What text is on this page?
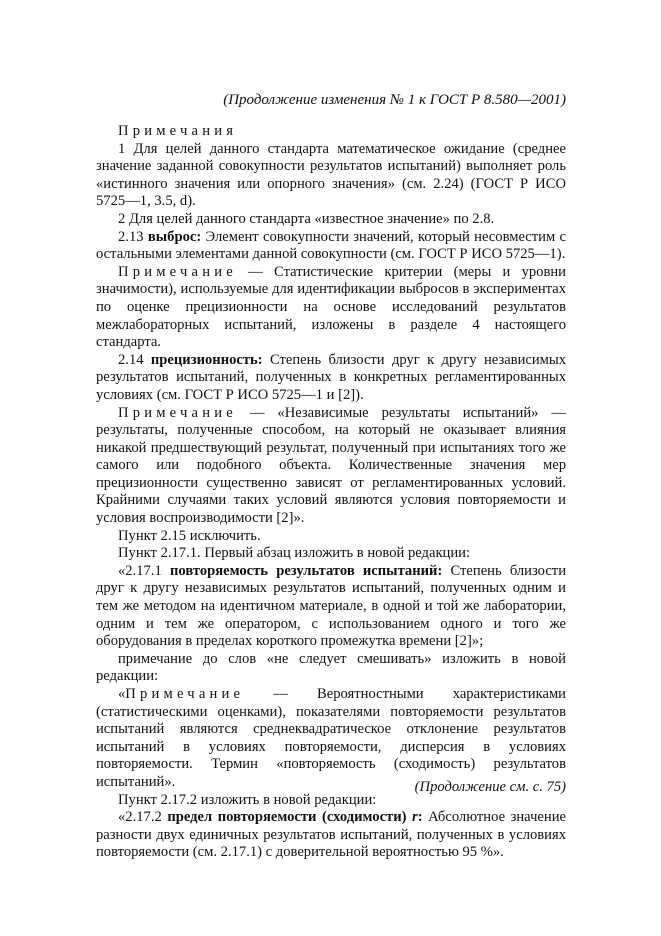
(Продолжение изменения № 1 к ГОСТ Р 8.580—2001)

Примечания

1 Для целей данного стандарта математическое ожидание (среднее значение заданной совокупности результатов испытаний) выполняет роль «истинного значения или опорного значения» (см. 2.24) (ГОСТ Р ИСО 5725—1, 3.5, d).

2 Для целей данного стандарта «известное значение» по 2.8.

2.13 выброс: Элемент совокупности значений, который несовместим с остальными элементами данной совокупности (см. ГОСТ Р ИСО 5725—1).

Примечание — Статистические критерии (меры и уровни значимости), используемые для идентификации выбросов в экспериментах по оценке прецизионности на основе исследований результатов межлабораторных испытаний, изложены в разделе 4 настоящего стандарта.

2.14 прецизионность: Степень близости друг к другу независимых результатов испытаний, полученных в конкретных регламентированных условиях (см. ГОСТ Р ИСО 5725—1 и [2]).

Примечание — «Независимые результаты испытаний» — результаты, полученные способом, на который не оказывает влияния никакой предшествующий результат, полученный при испытаниях того же самого или подобного объекта. Количественные значения мер прецизионности существенно зависят от регламентированных условий. Крайними случаями таких условий являются условия повторяемости и условия воспроизводимости [2]».

Пункт 2.15 исключить.

Пункт 2.17.1. Первый абзац изложить в новой редакции:

«2.17.1 повторяемость результатов испытаний: Степень близости друг к другу независимых результатов испытаний, полученных одним и тем же методом на идентичном материале, в одной и той же лаборатории, одним и тем же оператором, с использованием одного и того же оборудования в пределах короткого промежутка времени [2]»;

примечание до слов «не следует смешивать» изложить в новой редакции:

«Примечание — Вероятностными характеристиками (статистическими оценками), показателями повторяемости результатов испытаний являются среднеквадратическое отклонение результатов испытаний в условиях повторяемости, дисперсия в условиях повторяемости. Термин «повторяемость (сходимость) результатов испытаний».

Пункт 2.17.2 изложить в новой редакции:

«2.17.2 предел повторяемости (сходимости) r: Абсолютное значение разности двух единичных результатов испытаний, полученных в условиях повторяемости (см. 2.17.1) с доверительной вероятностью 95 %».

(Продолжение см. с. 75)
